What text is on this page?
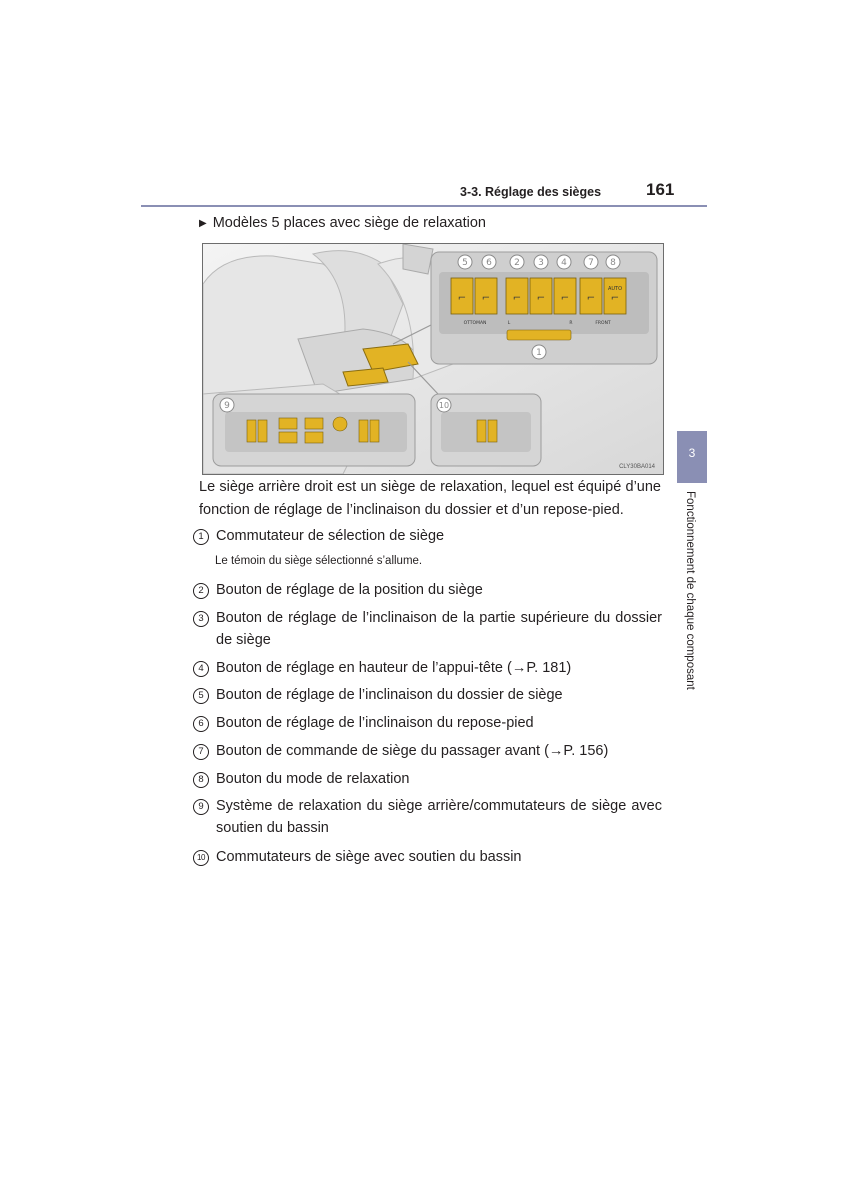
3-3. Réglage des sièges	161
▶ Modèles 5 places avec siège de relaxation
⌐ ⌐ ⌐ ⌐ ⌐ ⌐ ⌐
AUTO
OTTOMAN	L	R	FRONT
5 6 2 3 4 7 8
1
9	10
CLY30BA014
Le siège arrière droit est un siège de relaxation, lequel est équipé d’une fonction de réglage de l’inclinaison du dossier et d’un repose-pied.
1 Commutateur de sélection de siège
Le témoin du siège sélectionné s’allume.
2 Bouton de réglage de la position du siège
3 Bouton de réglage de l’inclinaison de la partie supérieure du dossier de siège
4 Bouton de réglage en hauteur de l’appui-tête (→P. 181)
5 Bouton de réglage de l’inclinaison du dossier de siège
6 Bouton de réglage de l’inclinaison du repose-pied
7 Bouton de commande de siège du passager avant (→P. 156)
8 Bouton du mode de relaxation
9 Système de relaxation du siège arrière/commutateurs de siège avec soutien du bassin
10 Commutateurs de siège avec soutien du bassin
3
Fonctionnement de chaque composant
